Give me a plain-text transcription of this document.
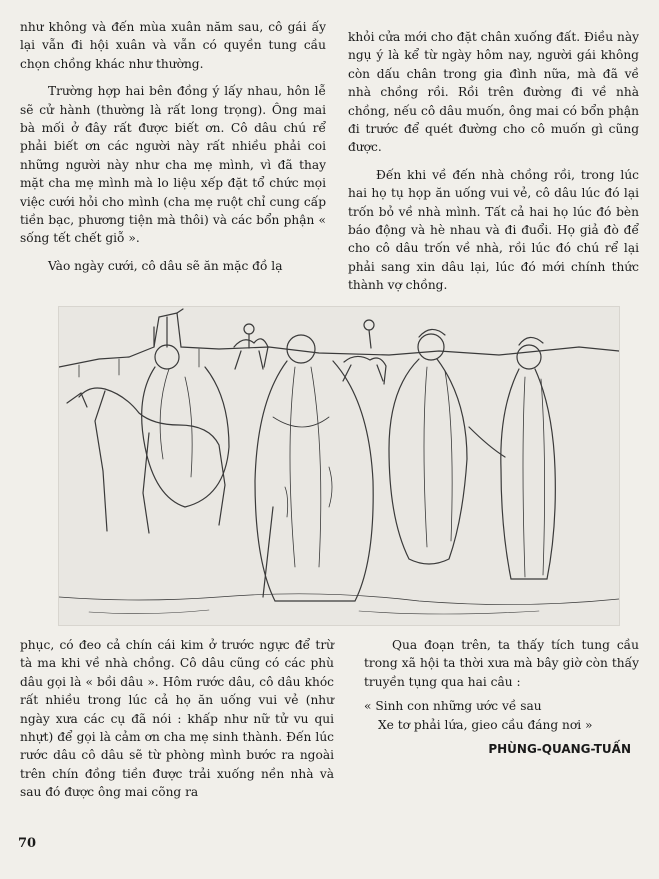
như không và đến mùa xuân năm sau, cô gái ấy lại vẫn đi hội xuân và vẫn có quyền tung cầu chọn chồng khác như thường.

Trường hợp hai bên đồng ý lấy nhau, hôn lễ sẽ cử hành (thường là rất long trọng). Ông mai bà mối ở đây rất được biết ơn. Cô dâu chú rể phải biết ơn các người này rất nhiều phải coi những người này như cha mẹ mình, vì đã thay mặt cha mẹ mình mà lo liệu xếp đặt tổ chức mọi việc cưới hỏi cho mình (cha mẹ ruột chỉ cung cấp tiền bạc, phương tiện mà thôi) và các bổn phận « sống tết chết giỗ ».

Vào ngày cưới, cô dâu sẽ ăn mặc đồ lạ

khỏi cửa mới cho đặt chân xuống đất. Điều này ngụ ý là kể từ ngày hôm nay, người gái không còn dấu chân trong gia đình nữa, mà đã về nhà chồng rồi. Rồi trên đường đi về nhà chồng, nếu cô dâu muốn, ông mai có bổn phận đi trước để quét đường cho cô muốn gì cũng được.

Đến khi về đến nhà chồng rồi, trong lúc hai họ tụ họp ăn uống vui vẻ, cô dâu lúc đó lại trốn bỏ về nhà mình. Tất cả hai họ lúc đó bèn báo động và hè nhau và đi đuổi. Họ giả đò để cho cô dâu trốn về nhà, rồi lúc đó chú rể lại phải sang xin dâu lại, lúc đó mới chính thức thành vợ chồng.

phục, có đeo cả chín cái kim ở trước ngực để trừ tà ma khi về nhà chồng. Cô dâu cũng có các phù dâu gọi là « bồi dâu ». Hôm rước dâu, cô dâu khóc rất nhiều trong lúc cả họ ăn uống vui vẻ (như ngày xưa các cụ đã nói : khấp như nữ tử vu qui nhựt) để gọi là cảm ơn cha mẹ sinh thành. Đến lúc rước dâu cô dâu sẽ từ phòng mình bước ra ngoài trên chín đồng tiền được trải xuống nền nhà và sau đó được ông mai cõng ra

Qua đoạn trên, ta thấy tích tung cầu trong xã hội ta thời xưa mà bây giờ còn thấy truyền tụng qua hai câu :

« Sinh con những ước về sau
Xe tơ phải lứa, gieo cầu đáng nơi »
PHÙNG-QUANG-TUẤN
70
